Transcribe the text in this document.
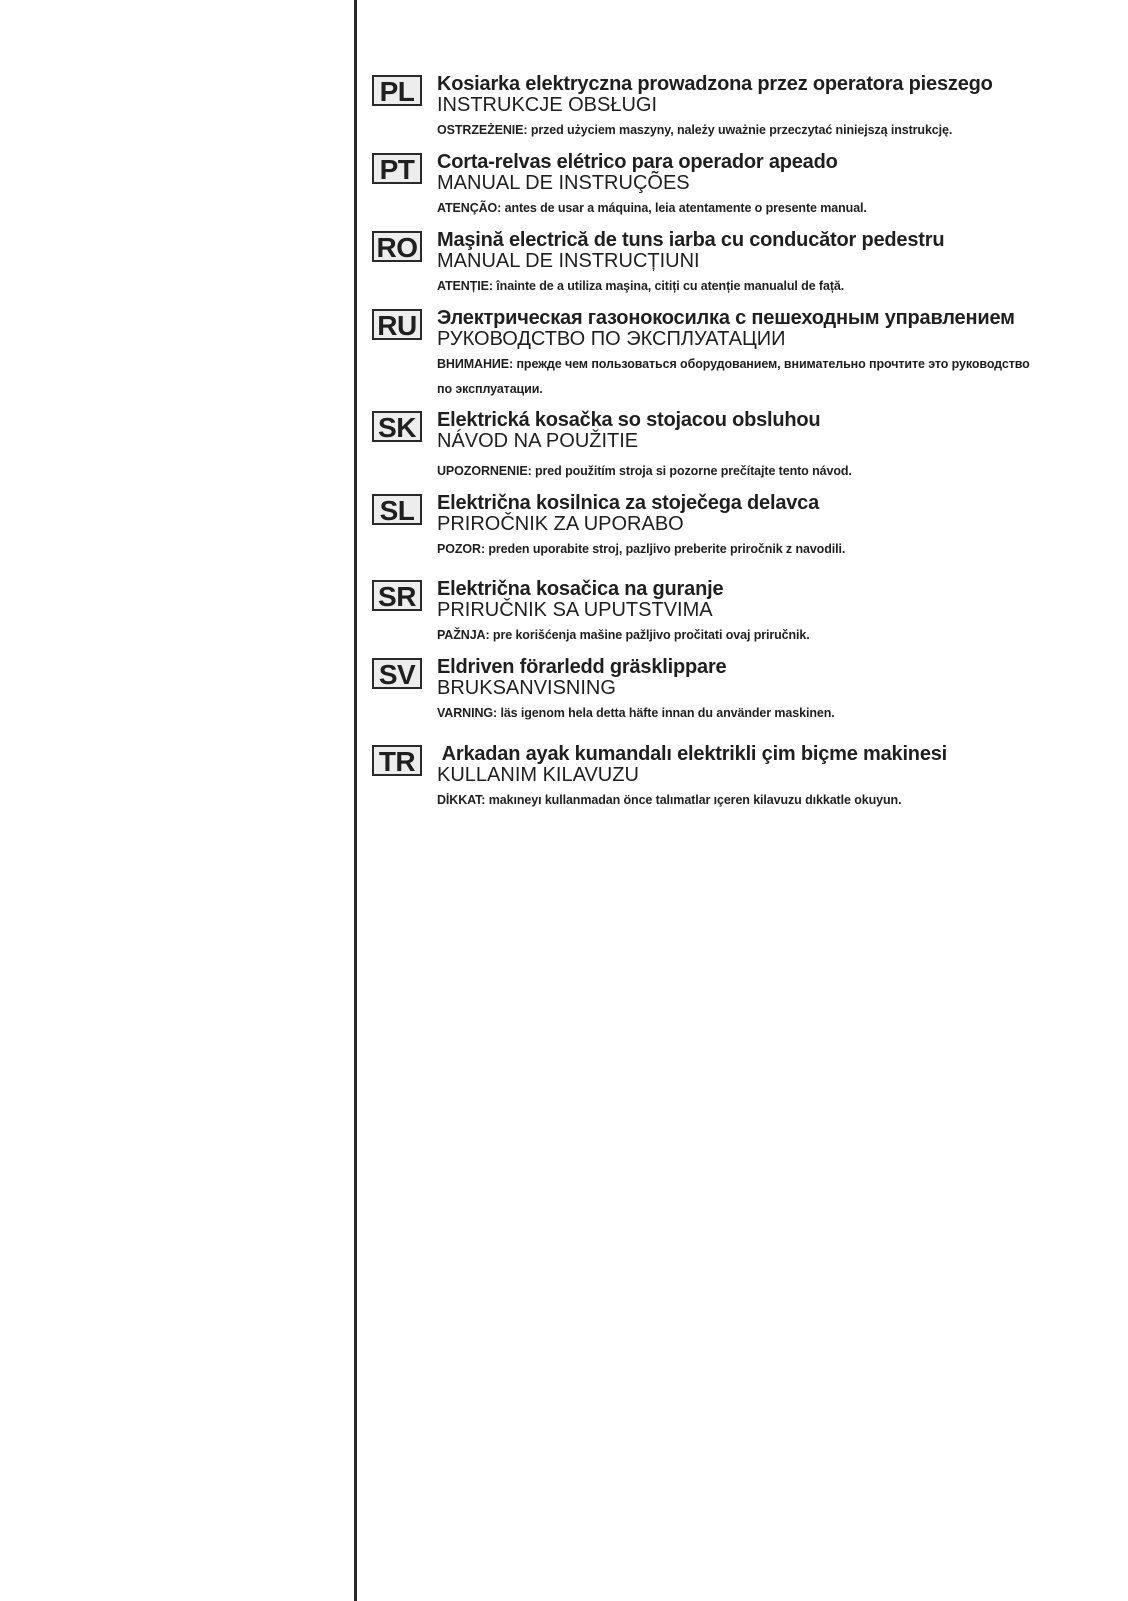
PL	Kosiarka elektryczna prowadzona przez operatora pieszego
INSTRUKCJE OBSŁUGI
OSTRZEŻENIE: przed użyciem maszyny, należy uważnie przeczytać niniejszą instrukcję.
PT	Corta-relvas elétrico para operador apeado
MANUAL DE INSTRUÇÕES
ATENÇÃO: antes de usar a máquina, leia atentamente o presente manual.
RO Maşină electrică de tuns iarba cu conducător pedestru
MANUAL DE INSTRUCȚIUNI
ATENȚIE: înainte de a utiliza maşina, citiți cu atenție manualul de față.
RU Электрическая газонокосилка с пешеходным управлением
РУКОВОДСТВО ПО ЭКСПЛУАТАЦИИ
ВНИМАНИЕ: прежде чем пользоваться оборудованием, внимательно прочтите это руководство по эксплуатации.
SK	Elektrická kosačka so stojacou obsluhou
NÁVOD NA POUŽITIE
UPOZORNENIE: pred použitím stroja si pozorne prečítajte tento návod.
SL	Električna kosilnica za stoječega delavca
PRIROČNIK ZA UPORABO
POZOR: preden uporabite stroj, pazljivo preberite priročnik z navodili.
SR	Električna kosačica na guranje
PRIRUČNIK SA UPUTSTVIMA
PAŽNJA: pre korišćenja mašine pažljivo pročitati ovaj priručnik.
SV	Eldriven förarledd gräsklippare
BRUKSANVISNING
VARNING: läs igenom hela detta häfte innan du använder maskinen.
TR	Arkadan ayak kumandalı elektrikli çim biçme makinesi
KULLANIM KILAVUZU
DİKKAT: makıneyı kullanmadan önce talımatlar ıçeren kilavuzu dıkkatle okuyun.
